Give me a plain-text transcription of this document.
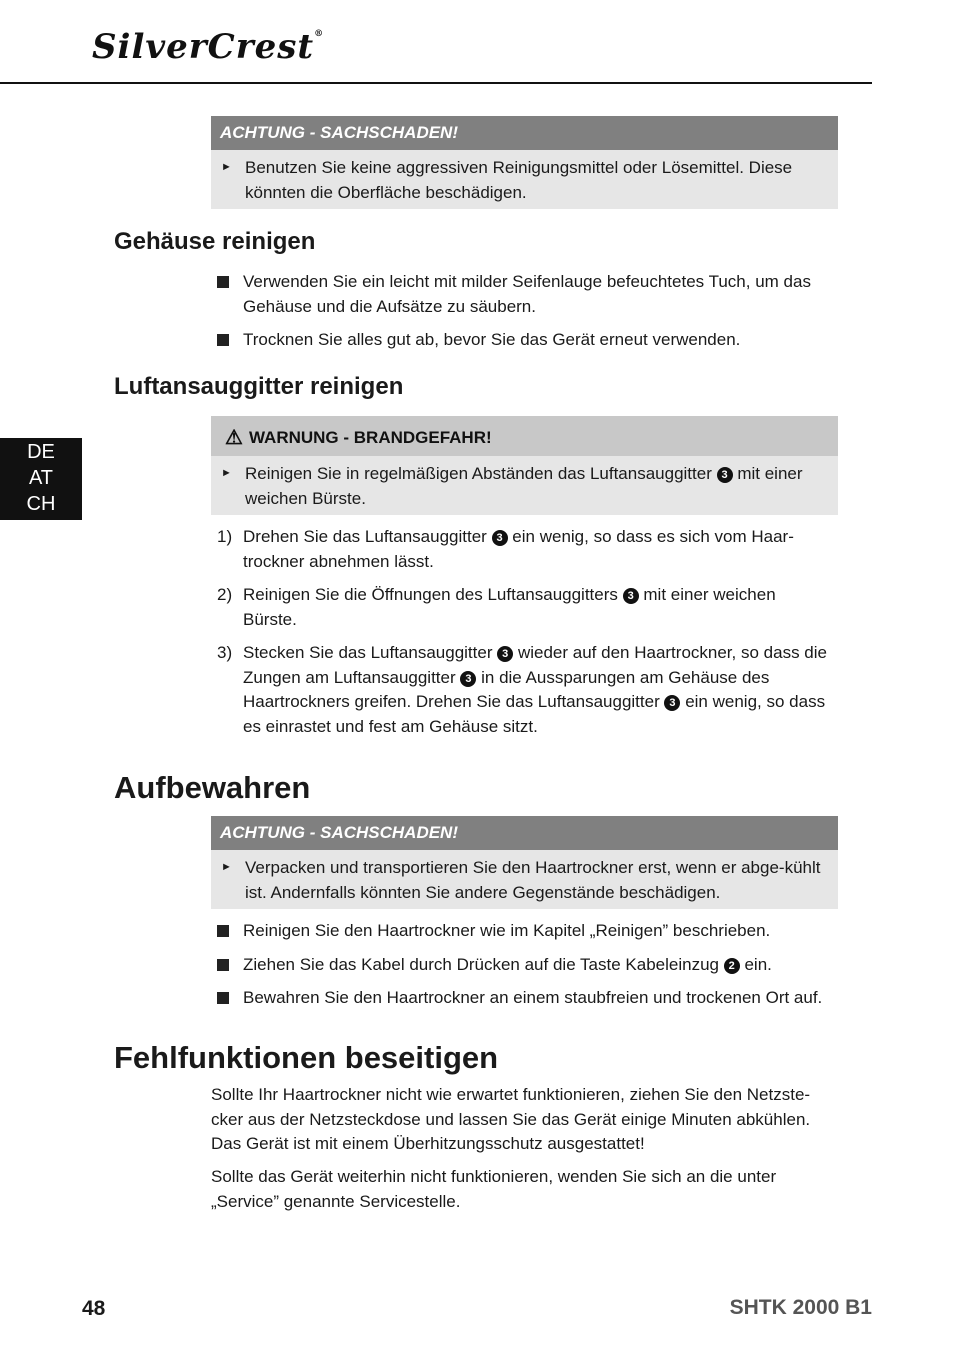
SilverCrest®
DE
AT
CH
ACHTUNG - SACHSCHADEN!
► Benutzen Sie keine aggressiven Reinigungsmittel oder Lösemittel. Diese könnten die Oberfläche beschädigen.
Gehäuse reinigen
Verwenden Sie ein leicht mit milder Seifenlauge befeuchtetes Tuch, um das Gehäuse und die Aufsätze zu säubern.
Trocknen Sie alles gut ab, bevor Sie das Gerät erneut verwenden.
Luftansauggitter reinigen
⚠ WARNUNG - BRANDGEFAHR!
► Reinigen Sie in regelmäßigen Abständen das Luftansauggitter 3 mit einer weichen Bürste.
1) Drehen Sie das Luftansauggitter 3 ein wenig, so dass es sich vom Haar-trockner abnehmen lässt.
2) Reinigen Sie die Öffnungen des Luftansauggitters 3 mit einer weichen Bürste.
3) Stecken Sie das Luftansauggitter 3 wieder auf den Haartrockner, so dass die Zungen am Luftansauggitter 3 in die Aussparungen am Gehäuse des Haartrockners greifen. Drehen Sie das Luftansauggitter 3 ein wenig, so dass es einrastet und fest am Gehäuse sitzt.
Aufbewahren
ACHTUNG - SACHSCHADEN!
► Verpacken und transportieren Sie den Haartrockner erst, wenn er abge-kühlt ist. Andernfalls könnten Sie andere Gegenstände beschädigen.
Reinigen Sie den Haartrockner wie im Kapitel „Reinigen” beschrieben.
Ziehen Sie das Kabel durch Drücken auf die Taste Kabeleinzug 2 ein.
Bewahren Sie den Haartrockner an einem staubfreien und trockenen Ort auf.
Fehlfunktionen beseitigen

Sollte Ihr Haartrockner nicht wie erwartet funktionieren, ziehen Sie den Netzste-cker aus der Netzsteckdose und lassen Sie das Gerät einige Minuten abkühlen. Das Gerät ist mit einem Überhitzungsschutz ausgestattet!

Sollte das Gerät weiterhin nicht funktionieren, wenden Sie sich an die unter „Service” genannte Servicestelle.

48	SHTK 2000 B1
